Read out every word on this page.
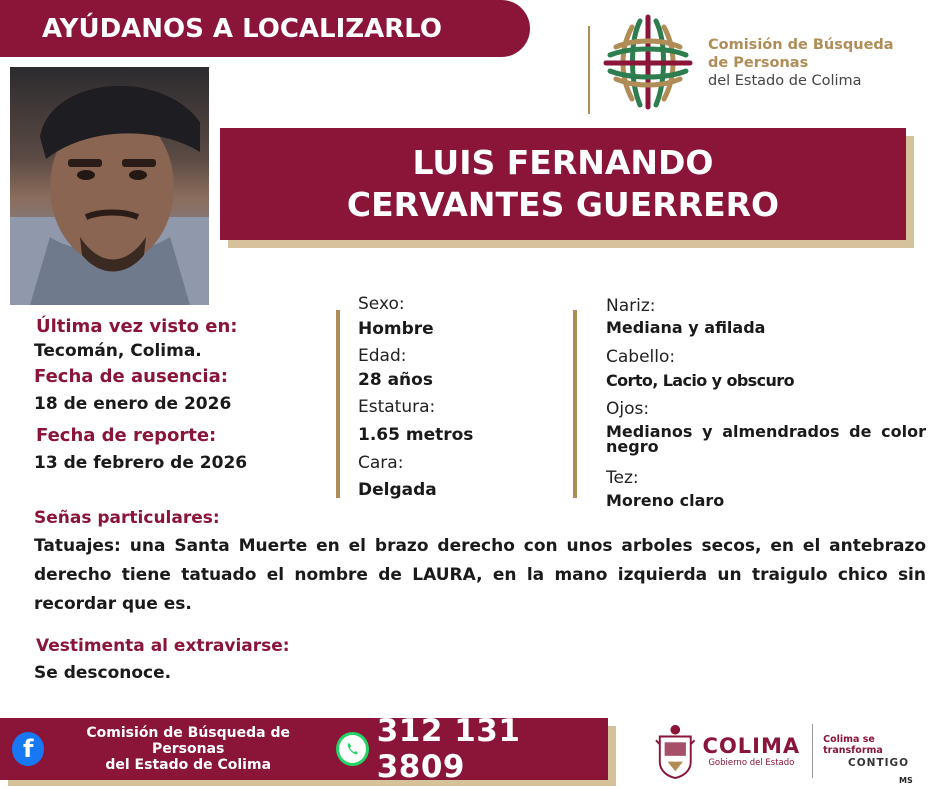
AYÚDANOS A LOCALIZARLO
Comisión de Búsqueda
de Personas
del Estado de Colima
LUIS FERNANDO
CERVANTES GUERRERO
Última vez visto en:
Tecomán, Colima.
Fecha de ausencia:
18 de enero de 2026
Fecha de reporte:
13 de febrero de 2026
Sexo:
Hombre
Edad:
28 años
Estatura:
1.65 metros
Cara:
Delgada
Nariz:
Mediana y afilada
Cabello:
Corto, Lacio y obscuro
Ojos:
Medianos y almendrados de color negro
Tez:
Moreno claro
Señas particulares:
Tatuajes: una Santa Muerte en el brazo derecho con unos arboles secos, en el antebrazo derecho tiene tatuado el nombre de LAURA, en la mano izquierda un traigulo chico sin recordar que es.
Vestimenta al extraviarse:
Se desconoce.
f
Comisión de Búsqueda de Personas
del Estado de Colima
312 131 3809
COLIMA
Gobierno del Estado
Colima se transforma
CONTIGO
MS
